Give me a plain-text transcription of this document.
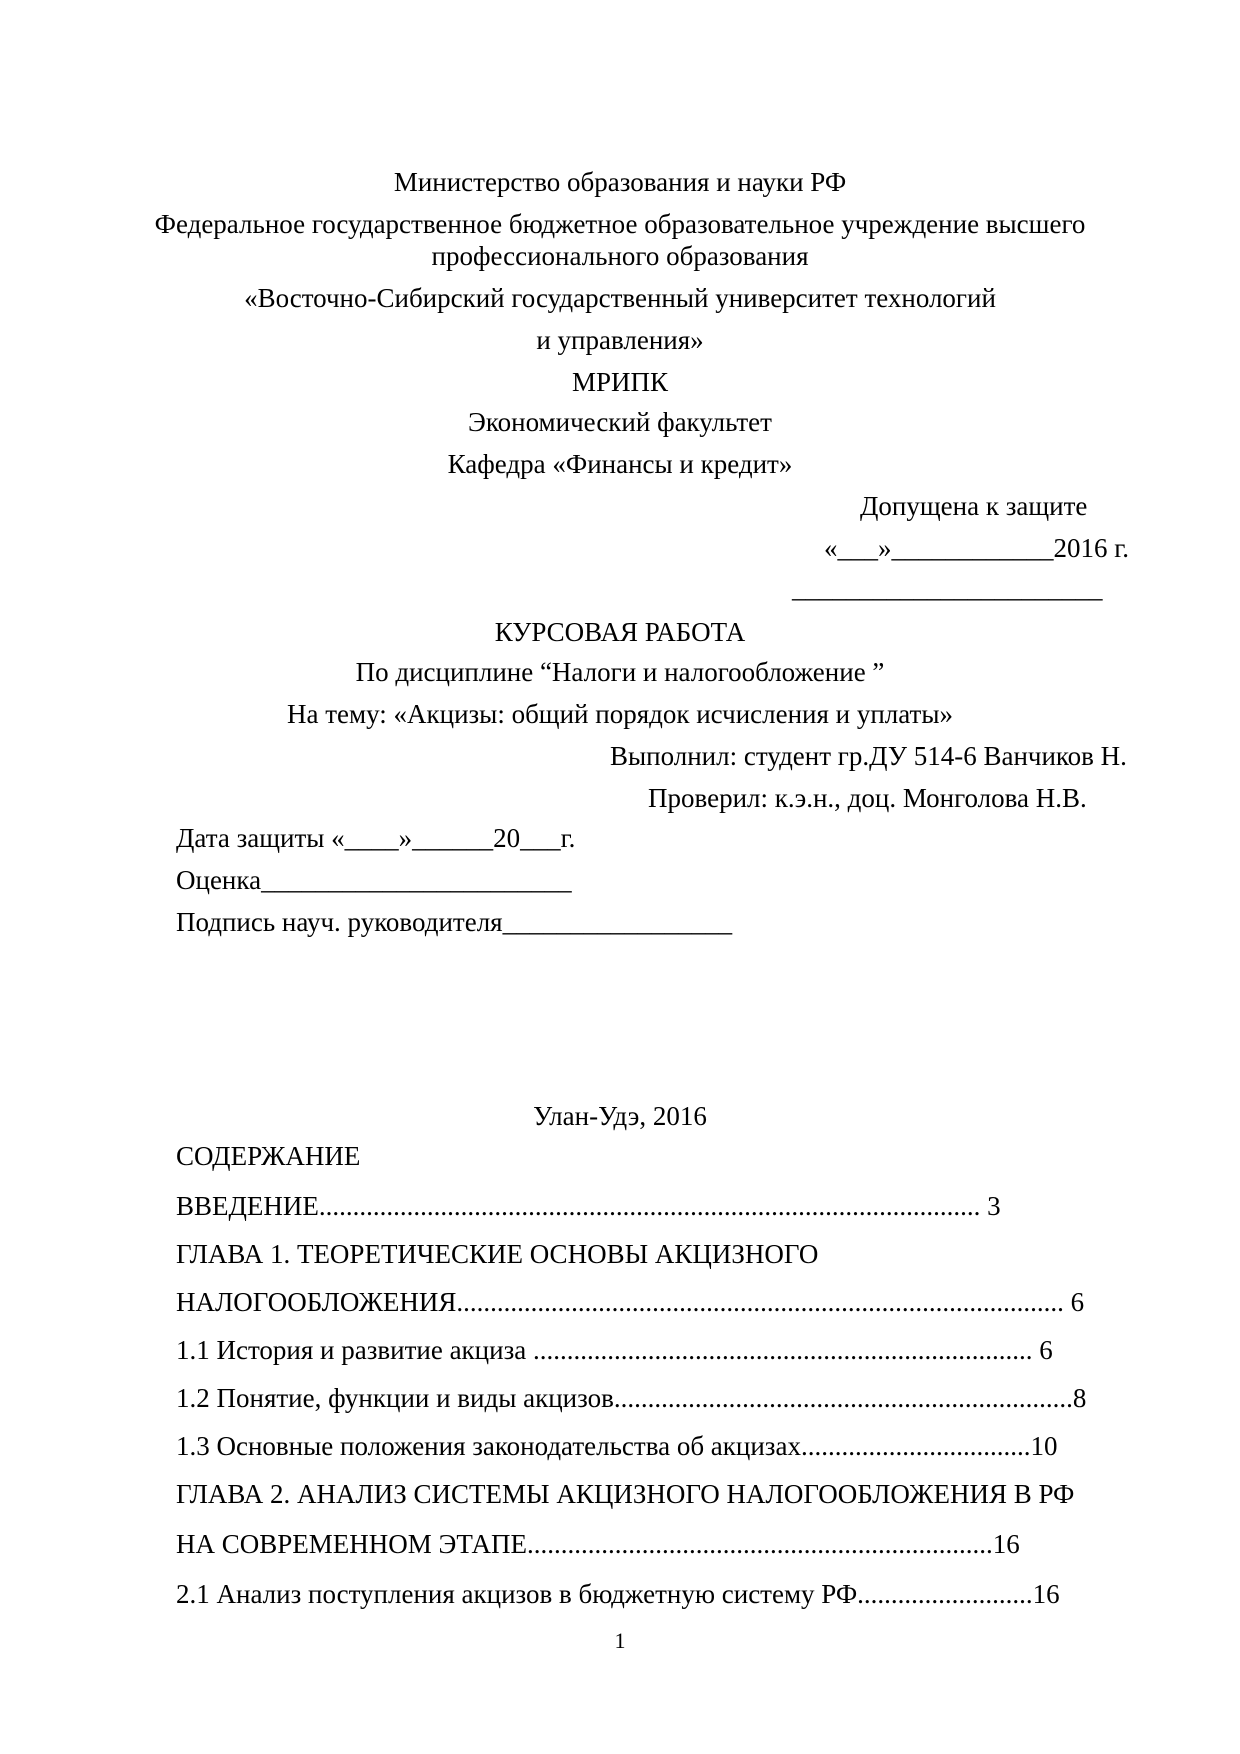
Министерство образования и науки РФ
Федеральное государственное бюджетное образовательное учреждение высшего
профессионального образования
«Восточно-Сибирский государственный университет технологий
и управления»
МРИПК
Экономический факультет
Кафедра «Финансы и кредит»
Допущена к защите
«___»____________2016 г.
_______________________
КУРСОВАЯ РАБОТА
По дисциплине “Налоги и налогообложение ”
На тему: «Акцизы: общий порядок исчисления и уплаты»
Выполнил: студент гр.ДУ 514-6 Ванчиков Н.
Проверил: к.э.н., доц. Монголова Н.В.
Дата защиты «____»______20___г.
Оценка_______________________
Подпись науч. руководителя_________________
Улан-Удэ, 2016
СОДЕРЖАНИЕ
ВВЕДЕНИЕ.................................................................................................. 3
ГЛАВА 1. ТЕОРЕТИЧЕСКИЕ ОСНОВЫ АКЦИЗНОГО
НАЛОГООБЛОЖЕНИЯ.......................................................................................... 6
1.1 История и развитие акциза .......................................................................... 6
1.2 Понятие, функции и виды акцизов....................................................................8
1.3 Основные положения законодательства об акцизах..................................10
ГЛАВА 2. АНАЛИЗ СИСТЕМЫ АКЦИЗНОГО НАЛОГООБЛОЖЕНИЯ В РФ
НА СОВРЕМЕННОМ ЭТАПЕ.....................................................................16
2.1 Анализ поступления акцизов в бюджетную систему РФ..........................16
1
